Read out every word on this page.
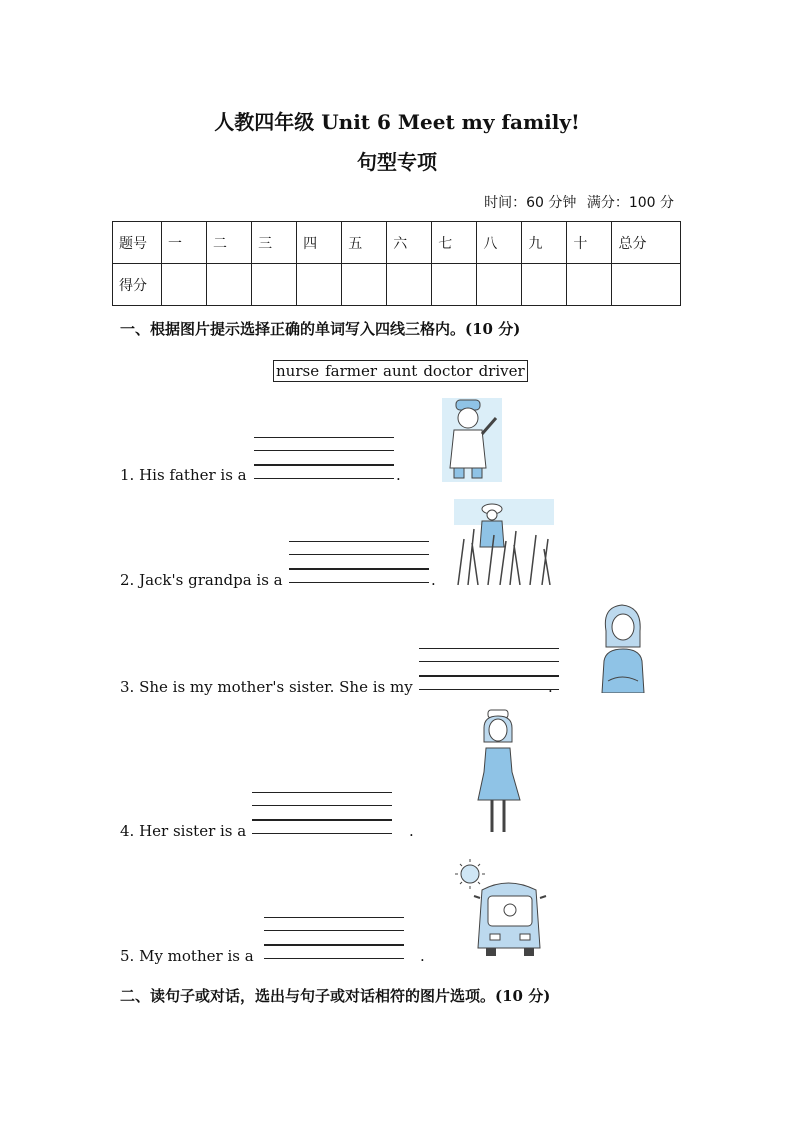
人教四年级 Unit 6 Meet my family!
句型专项
时间：60 分钟 满分：100 分
题号	一	二	三	四	五	六	七	八	九	十	总分
得分											
一、根据图片提示选择正确的单词写入四线三格内。(10 分)
nurse farmer aunt doctor driver
1. His father is a	.
2. Jack's grandpa is a	.
3. She is my mother's sister. She is my	.
4. Her sister is a	.
5. My mother is a	.
二、读句子或对话，选出与句子或对话相符的图片选项。(10 分)
